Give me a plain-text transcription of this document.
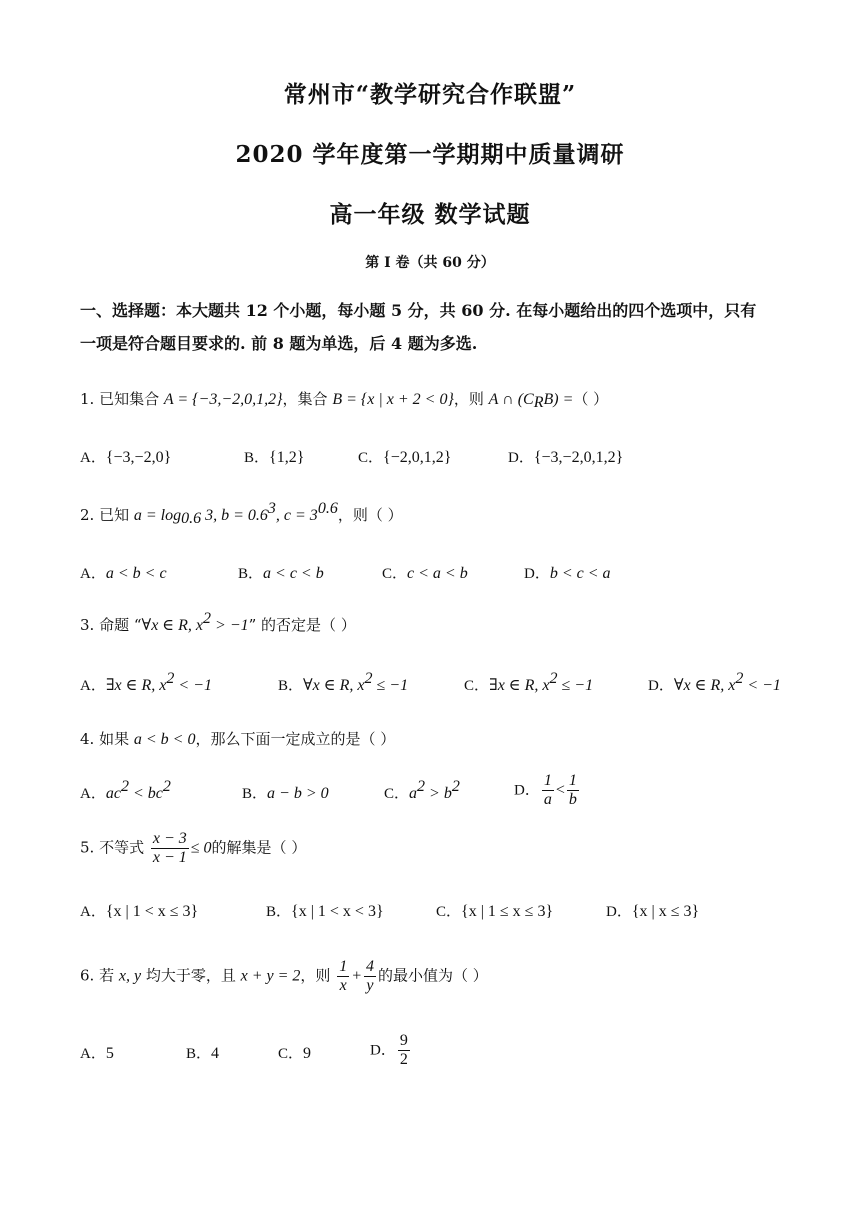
常州市“教学研究合作联盟”
2020 学年度第一学期期中质量调研
高一年级 数学试题
第 I 卷（共 60 分）
一、选择题：本大题共 12 个小题，每小题 5 分，共 60 分. 在每小题给出的四个选项中，只有
一项是符合题目要求的. 前 8 题为单选，后 4 题为多选.
1. 已知集合 A = {−3,−2,0,1,2}，集合 B = {x | x + 2 < 0}，则 A ∩ $(C_RB)$ =（ ）
A．{−3,−2,0}	B．{1,2}	C．{−2,0,1,2}	D．{−3,−2,0,1,2}
2. 已知 $a = \log_{0.6} 3$, $b = 0.6^3$, $c = 3^{0.6}$，则（ ）
A．a < b < c	B．a < c < b	C．c < a < b	D．b < c < a
3. 命题 “∀x ∈ R, $x^2 > -1$” 的否定是（ ）
A．∃x ∈ R, $x^2 < -1$	B．∀x ∈ R, $x^2 \le -1$	C．∃x ∈ R, $x^2 \le -1$	D．∀x ∈ R, $x^2 < -1$
4. 如果 a < b < 0，那么下面一定成立的是（ ）
A．$ac^2 < bc^2$	B．a − b > 0	C．$a^2 > b^2$	D． $\frac{1}{a} < \frac{1}{b}$
5. 不等式 $\frac{x - 3}{x - 1} \le 0$的解集是（ ）
A．{x | 1 < x ≤ 3}	B．{x | 1 < x < 3}	C．{x | 1 ≤ x ≤ 3}	D．{x | x ≤ 3}
6. 若 x, y 均大于零，且 x + y = 2，则 $\frac{1}{x} + \frac{4}{y}$ 的最小值为（ ）
A．5	B．4	C．9	D． $\frac{9}{2}$
